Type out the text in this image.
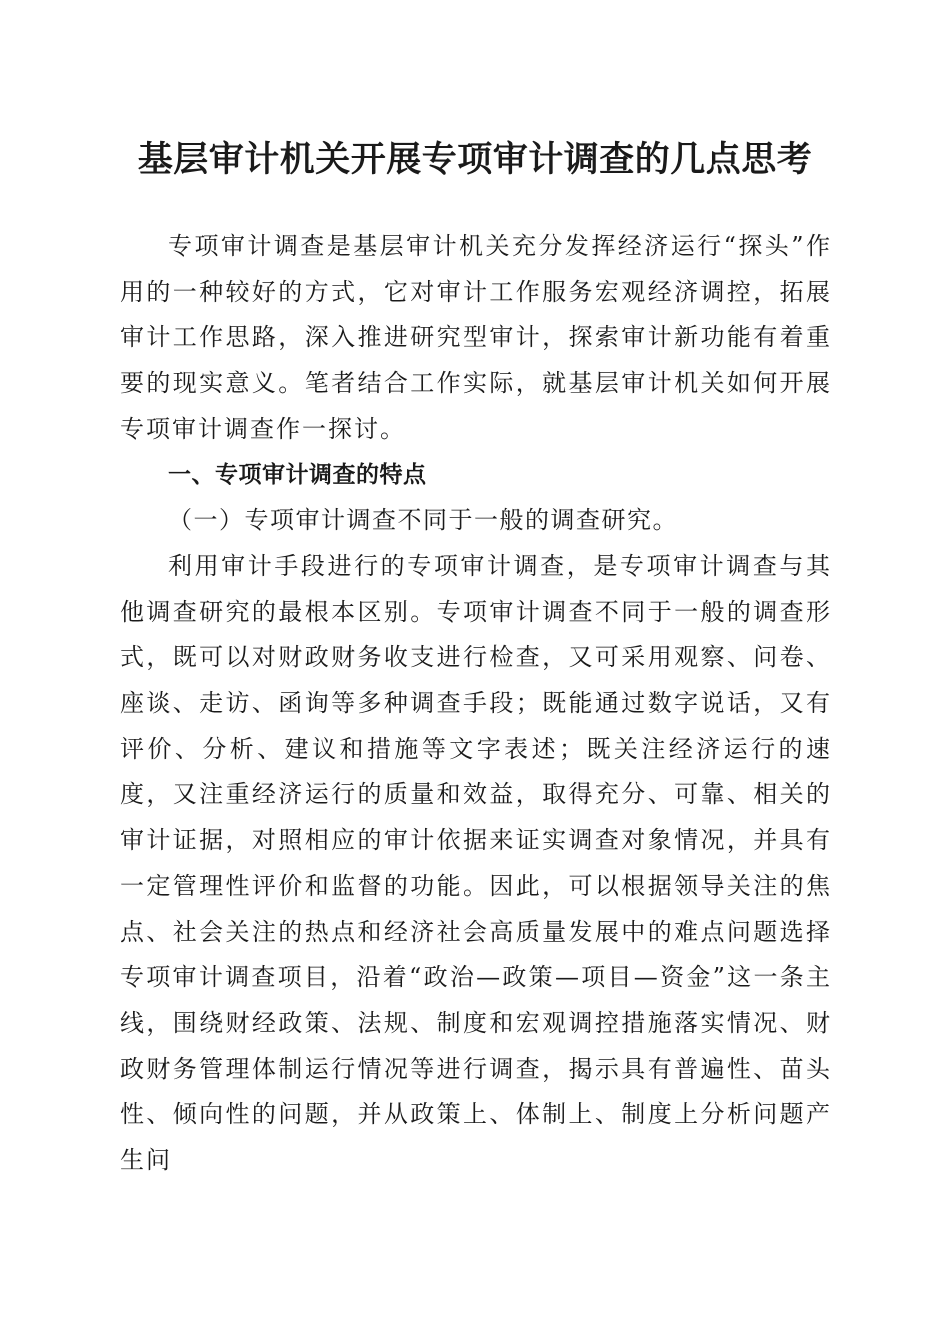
基层审计机关开展专项审计调查的几点思考

专项审计调查是基层审计机关充分发挥经济运行“探头”作用的一种较好的方式，它对审计工作服务宏观经济调控，拓展审计工作思路，深入推进研究型审计，探索审计新功能有着重要的现实意义。笔者结合工作实际，就基层审计机关如何开展专项审计调查作一探讨。

一、专项审计调查的特点

（一）专项审计调查不同于一般的调查研究。

利用审计手段进行的专项审计调查，是专项审计调查与其他调查研究的最根本区别。专项审计调查不同于一般的调查形式，既可以对财政财务收支进行检查，又可采用观察、问卷、座谈、走访、函询等多种调查手段；既能通过数字说话，又有评价、分析、建议和措施等文字表述；既关注经济运行的速度，又注重经济运行的质量和效益，取得充分、可靠、相关的审计证据，对照相应的审计依据来证实调查对象情况，并具有一定管理性评价和监督的功能。因此，可以根据领导关注的焦点、社会关注的热点和经济社会高质量发展中的难点问题选择专项审计调查项目，沿着“政治—政策—项目—资金”这一条主线，围绕财经政策、法规、制度和宏观调控措施落实情况、财政财务管理体制运行情况等进行调查，揭示具有普遍性、苗头性、倾向性的问题，并从政策上、体制上、制度上分析问题产生问
